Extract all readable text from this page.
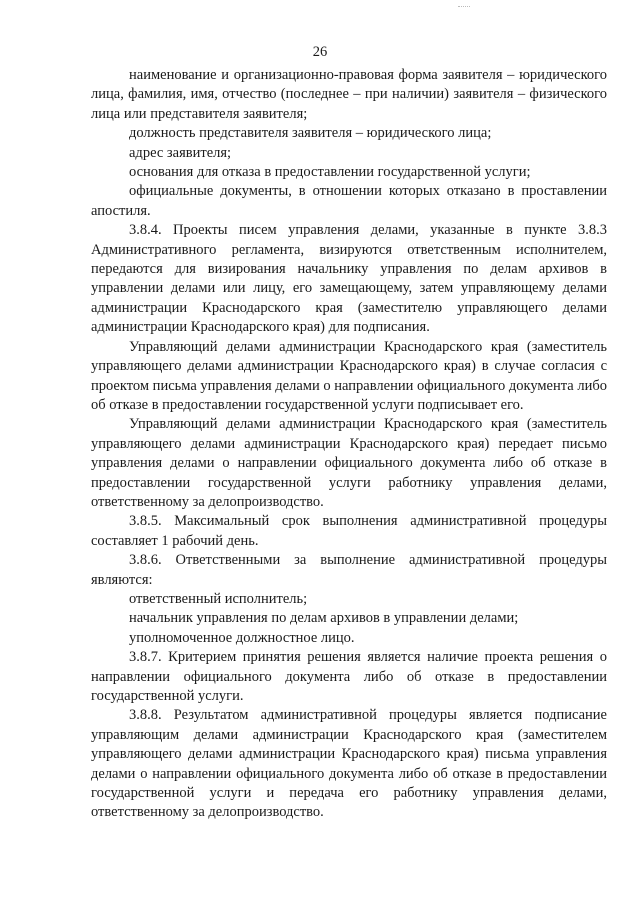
26

наименование и организационно-правовая форма заявителя – юридического лица, фамилия, имя, отчество (последнее – при наличии) заявителя – физического лица или представителя заявителя;

должность представителя заявителя – юридического лица;

адрес заявителя;

основания для отказа в предоставлении государственной услуги;

официальные документы, в отношении которых отказано в проставлении апостиля.

3.8.4. Проекты писем управления делами, указанные в пункте 3.8.3 Административного регламента, визируются ответственным исполнителем, передаются для визирования начальнику управления по делам архивов в управлении делами или лицу, его замещающему, затем управляющему делами администрации Краснодарского края (заместителю управляющего делами администрации Краснодарского края) для подписания.

Управляющий делами администрации Краснодарского края (заместитель управляющего делами администрации Краснодарского края) в случае согласия с проектом письма управления делами о направлении официального документа либо об отказе в предоставлении государственной услуги подписывает его.

Управляющий делами администрации Краснодарского края (заместитель управляющего делами администрации Краснодарского края) передает письмо управления делами о направлении официального документа либо об отказе в предоставлении государственной услуги работнику управления делами, ответственному за делопроизводство.

3.8.5. Максимальный срок выполнения административной процедуры составляет 1 рабочий день.

3.8.6. Ответственными за выполнение административной процедуры являются:

ответственный исполнитель;

начальник управления по делам архивов в управлении делами;

уполномоченное должностное лицо.

3.8.7. Критерием принятия решения является наличие проекта решения о направлении официального документа либо об отказе в предоставлении государственной услуги.

3.8.8. Результатом административной процедуры является подписание управляющим делами администрации Краснодарского края (заместителем управляющего делами администрации Краснодарского края) письма управления делами о направлении официального документа либо об отказе в предоставлении государственной услуги и передача его работнику управления делами, ответственному за делопроизводство.
